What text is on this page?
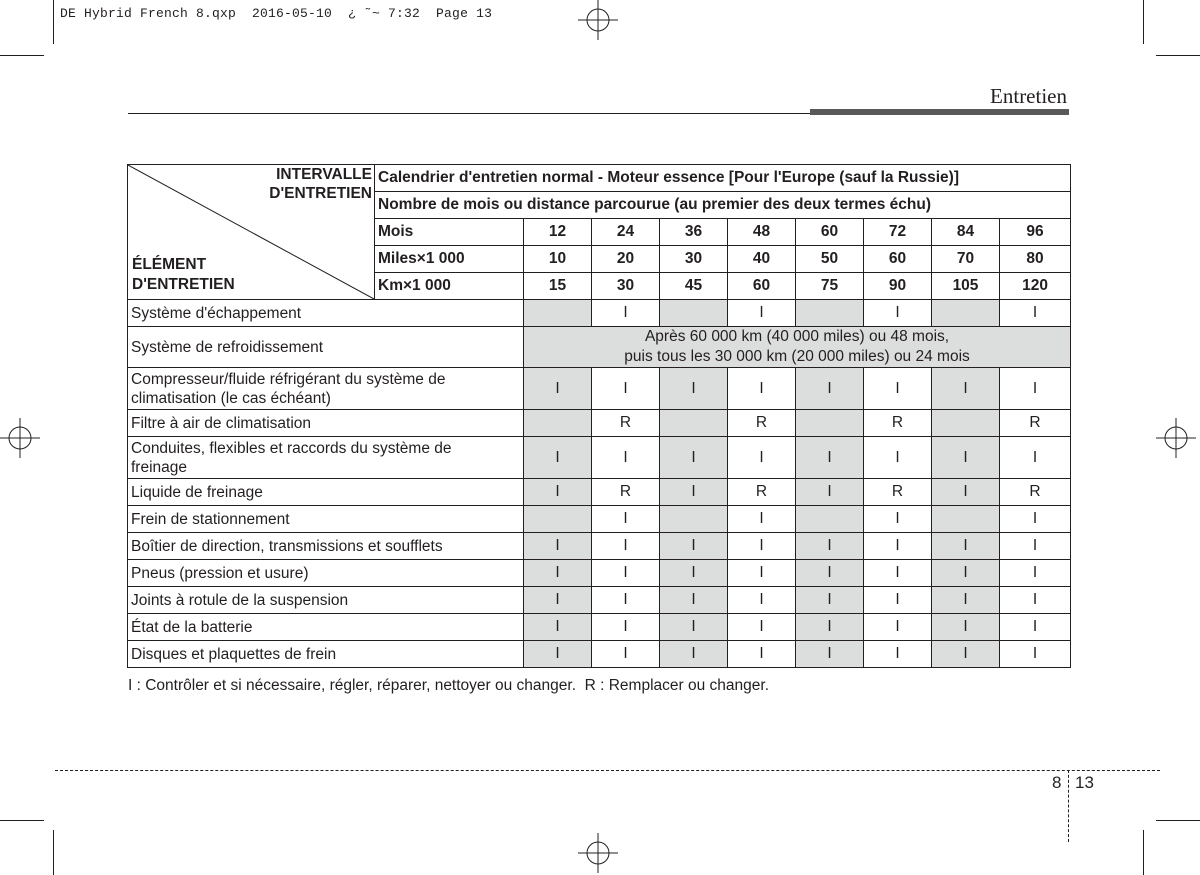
DE Hybrid French 8.qxp  2016-05-10  ¿ ˜~ 7:32  Page 13
Entretien
INTERVALLE
D'ENTRETIEN
ÉLÉMENT
D'ENTRETIEN	Calendrier d'entretien normal - Moteur essence [Pour l'Europe (sauf la Russie)]								
	Nombre de mois ou distance parcourue (au premier des deux termes échu)								
	Mois	12	24	36	48	60	72	84	96
	Miles×1 000	10	20	30	40	50	60	70	80
	Km×1 000	15	30	45	60	75	90	105	120

Système d'échappement			I		I		I		I

Système de refroidissement		Après 60 000 km (40 000 miles) ou 48 mois,
puis tous les 30 000 km (20 000 miles) ou 24 mois							

Compresseur/fluide réfrigérant du système de
climatisation (le cas échéant)		I	I	I	I	I	I	I	I

Filtre à air de climatisation			R		R		R		R

Conduites, flexibles et raccords du système de
freinage		I	I	I	I	I	I	I	I

Liquide de freinage		I	R	I	R	I	R	I	R

Frein de stationnement			I		I		I		I

Boîtier de direction, transmissions et soufflets		I	I	I	I	I	I	I	I

Pneus (pression et usure)		I	I	I	I	I	I	I	I

Joints à rotule de la suspension		I	I	I	I	I	I	I	I

État de la batterie		I	I	I	I	I	I	I	I

Disques et plaquettes de frein		I	I	I	I	I	I	I	I
I : Contrôler et si nécessaire, régler, réparer, nettoyer ou changer.  R : Remplacer ou changer.
8 13
